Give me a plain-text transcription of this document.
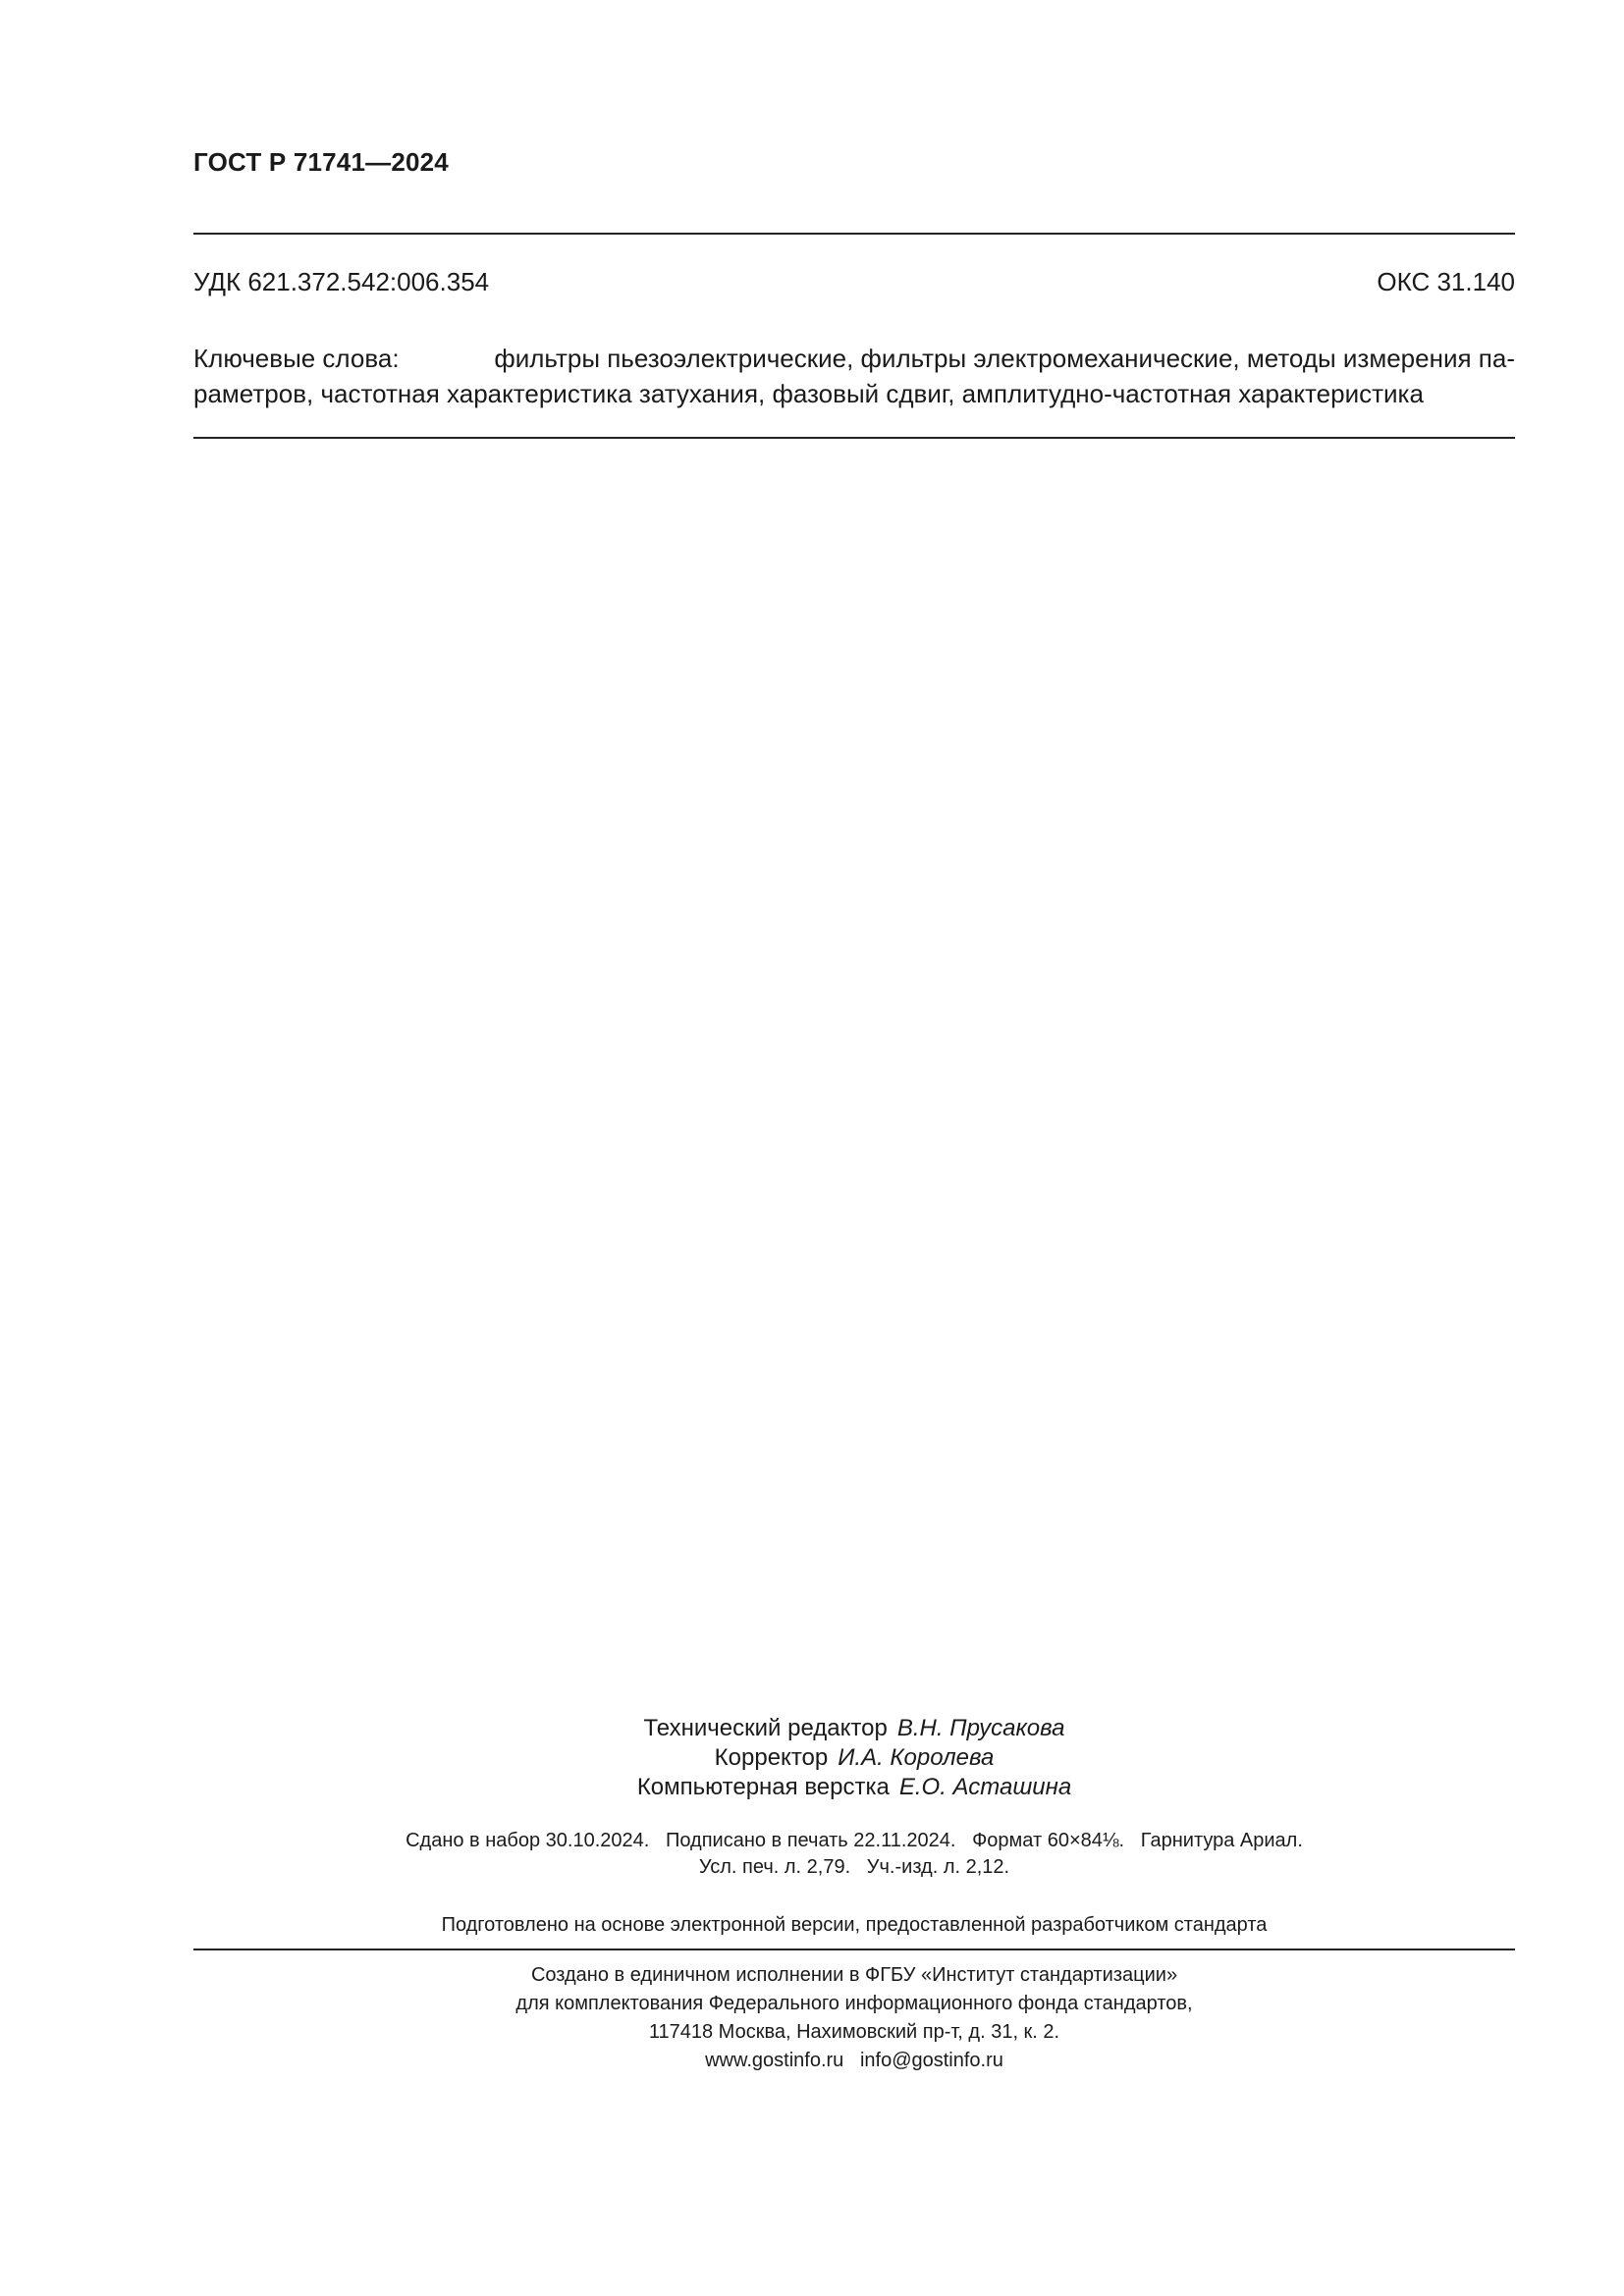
ГОСТ Р 71741—2024
УДК 621.372.542:006.354	ОКС 31.140
Ключевые слова:	фильтры пьезоэлектрические, фильтры электромеханические, методы измерения па-
раметров, частотная характеристика затухания, фазовый сдвиг, амплитудно-частотная характеристика
Технический редактор В.Н. Прусакова
Корректор И.А. Королева
Компьютерная верстка Е.О. Асташина
Сдано в набор 30.10.2024.   Подписано в печать 22.11.2024.   Формат 60×84⅛.   Гарнитура Ариал.
Усл. печ. л. 2,79.   Уч.-изд. л. 2,12.
Подготовлено на основе электронной версии, предоставленной разработчиком стандарта
Создано в единичном исполнении в ФГБУ «Институт стандартизации»
для комплектования Федерального информационного фонда стандартов,
117418 Москва, Нахимовский пр-т, д. 31, к. 2.
www.gostinfo.ru   info@gostinfo.ru
